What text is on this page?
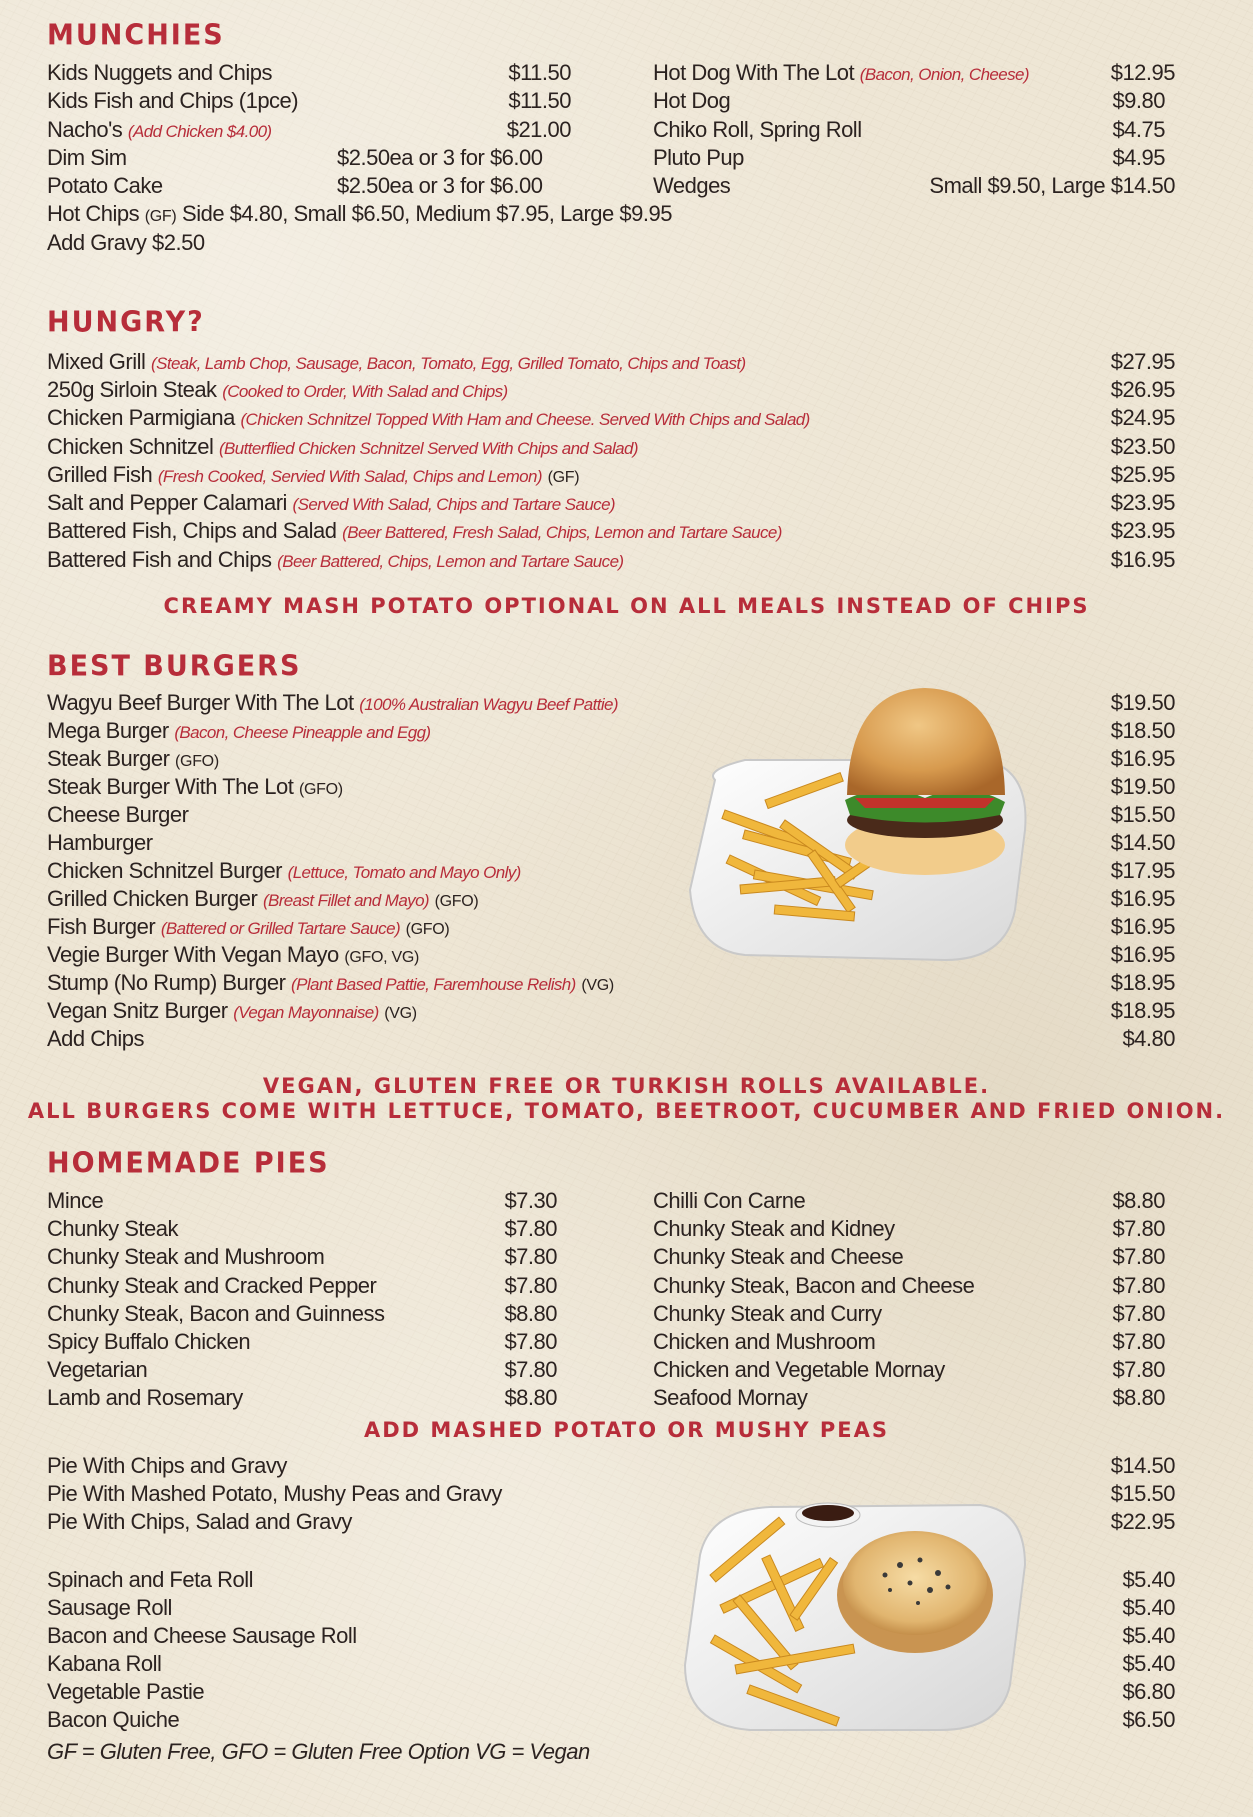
MUNCHIES
Kids Nuggets and Chips	$11.50
Kids Fish and Chips (1pce)	$11.50
Nacho's (Add Chicken $4.00)	$21.00
Dim Sim	$2.50ea or 3 for $6.00
Potato Cake	$2.50ea or 3 for $6.00
Hot Dog With The Lot (Bacon, Onion, Cheese)	$12.95
Hot Dog	$9.80
Chiko Roll, Spring Roll	$4.75
Pluto Pup	$4.95
Wedges	Small $9.50, Large $14.50
Hot Chips (GF) Side $4.80, Small $6.50, Medium $7.95, Large $9.95
Add Gravy $2.50
HUNGRY?
Mixed Grill (Steak, Lamb Chop, Sausage, Bacon, Tomato, Egg, Grilled Tomato, Chips and Toast)	$27.95
250g Sirloin Steak (Cooked to Order, With Salad and Chips)	$26.95
Chicken Parmigiana (Chicken Schnitzel Topped With Ham and Cheese. Served With Chips and Salad)	$24.95
Chicken Schnitzel (Butterflied Chicken Schnitzel Served With Chips and Salad)	$23.50
Grilled Fish (Fresh Cooked, Servied With Salad, Chips and Lemon) (GF)	$25.95
Salt and Pepper Calamari (Served With Salad, Chips and Tartare Sauce)	$23.95
Battered Fish, Chips and Salad (Beer Battered, Fresh Salad, Chips, Lemon and Tartare Sauce)	$23.95
Battered Fish and Chips (Beer Battered, Chips, Lemon and Tartare Sauce)	$16.95
CREAMY MASH POTATO OPTIONAL ON ALL MEALS INSTEAD OF CHIPS
BEST BURGERS
Wagyu Beef Burger With The Lot (100% Australian Wagyu Beef Pattie)	$19.50
Mega Burger (Bacon, Cheese Pineapple and Egg)	$18.50
Steak Burger (GFO)	$16.95
Steak Burger With The Lot (GFO)	$19.50
Cheese Burger	$15.50
Hamburger	$14.50
Chicken Schnitzel Burger (Lettuce, Tomato and Mayo Only)	$17.95
Grilled Chicken Burger (Breast Fillet and Mayo) (GFO)	$16.95
Fish Burger (Battered or Grilled Tartare Sauce) (GFO)	$16.95
Vegie Burger With Vegan Mayo (GFO, VG)	$16.95
Stump (No Rump) Burger (Plant Based Pattie, Faremhouse Relish) (VG)	$18.95
Vegan Snitz Burger (Vegan Mayonnaise) (VG)	$18.95
Add Chips	$4.80
VEGAN, GLUTEN FREE OR TURKISH ROLLS AVAILABLE.
ALL BURGERS COME WITH LETTUCE, TOMATO, BEETROOT, CUCUMBER AND FRIED ONION.
HOMEMADE PIES
Mince	$7.30
Chunky Steak	$7.80
Chunky Steak and Mushroom	$7.80
Chunky Steak and Cracked Pepper	$7.80
Chunky Steak, Bacon and Guinness	$8.80
Spicy Buffalo Chicken	$7.80
Vegetarian	$7.80
Lamb and Rosemary	$8.80
Chilli Con Carne	$8.80
Chunky Steak and Kidney	$7.80
Chunky Steak and Cheese	$7.80
Chunky Steak, Bacon and Cheese	$7.80
Chunky Steak and Curry	$7.80
Chicken and Mushroom	$7.80
Chicken and Vegetable Mornay	$7.80
Seafood Mornay	$8.80
ADD MASHED POTATO OR MUSHY PEAS
Pie With Chips and Gravy	$14.50
Pie With Mashed Potato, Mushy Peas and Gravy	$15.50
Pie With Chips, Salad and Gravy	$22.95
Spinach and Feta Roll	$5.40
Sausage Roll	$5.40
Bacon and Cheese Sausage Roll	$5.40
Kabana Roll	$5.40
Vegetable Pastie	$6.80
Bacon Quiche	$6.50
GF = Gluten Free, GFO = Gluten Free Option VG = Vegan
